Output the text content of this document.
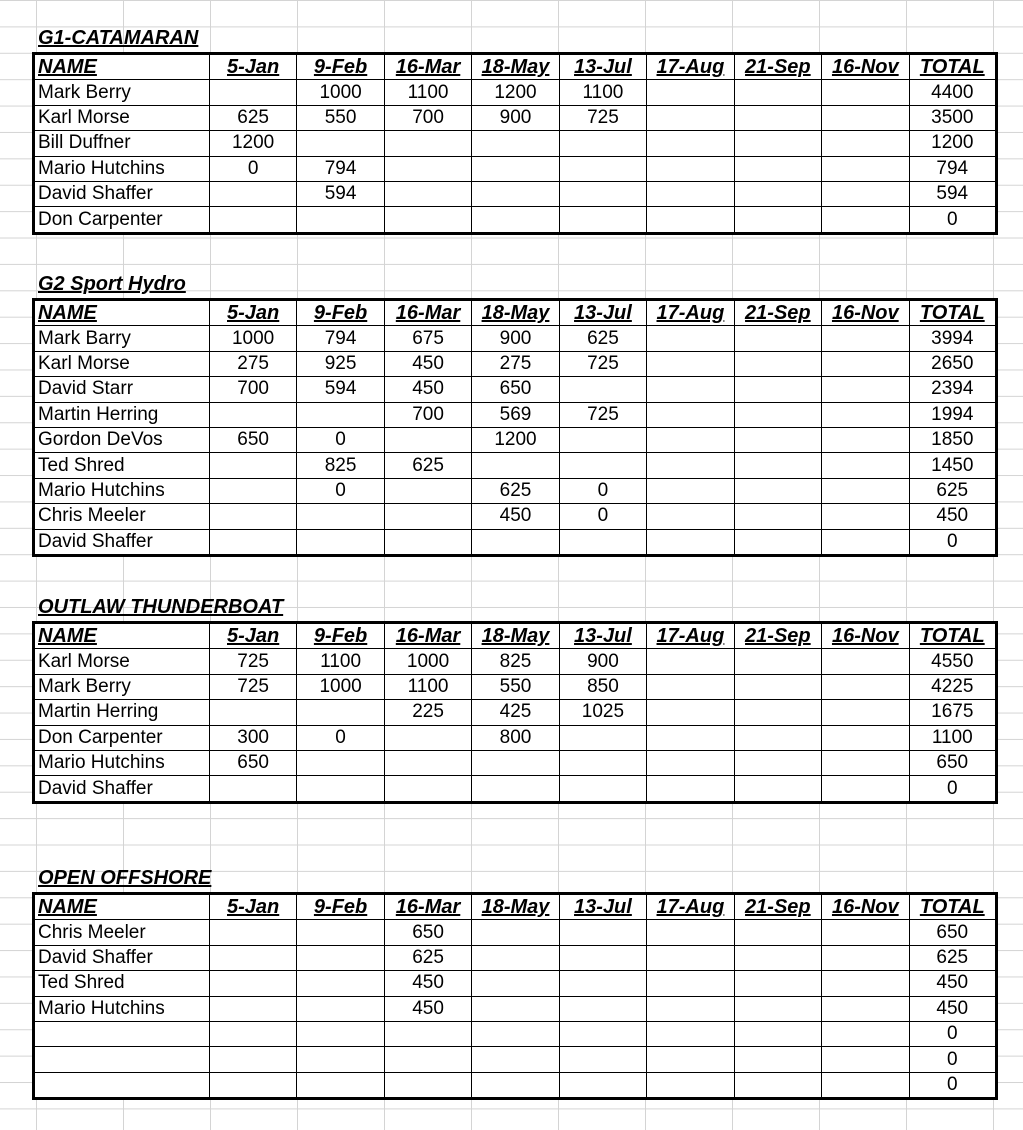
G1-CATAMARAN
NAME	5-Jan	9-Feb	16-Mar	18-May	13-Jul	17-Aug	21-Sep	16-Nov	TOTAL
Mark Berry		1000	1100	1200	1100				4400
Karl Morse	625	550	700	900	725				3500
Bill Duffner	1200								1200
Mario Hutchins	0	794							794
David Shaffer		594							594
Don Carpenter									0
G2 Sport Hydro
NAME	5-Jan	9-Feb	16-Mar	18-May	13-Jul	17-Aug	21-Sep	16-Nov	TOTAL
Mark Barry	1000	794	675	900	625				3994
Karl Morse	275	925	450	275	725				2650
David Starr	700	594	450	650					2394
Martin Herring			700	569	725				1994
Gordon DeVos	650	0		1200					1850
Ted Shred		825	625						1450
Mario Hutchins		0		625	0				625
Chris Meeler				450	0				450
David Shaffer									0
OUTLAW THUNDERBOAT
NAME	5-Jan	9-Feb	16-Mar	18-May	13-Jul	17-Aug	21-Sep	16-Nov	TOTAL
Karl Morse	725	1100	1000	825	900				4550
Mark Berry	725	1000	1100	550	850				4225
Martin Herring			225	425	1025				1675
Don Carpenter	300	0		800					1100
Mario Hutchins	650								650
David Shaffer									0
OPEN OFFSHORE
NAME	5-Jan	9-Feb	16-Mar	18-May	13-Jul	17-Aug	21-Sep	16-Nov	TOTAL
Chris Meeler			650						650
David Shaffer			625						625
Ted Shred			450						450
Mario Hutchins			450						450
									0
									0
									0
